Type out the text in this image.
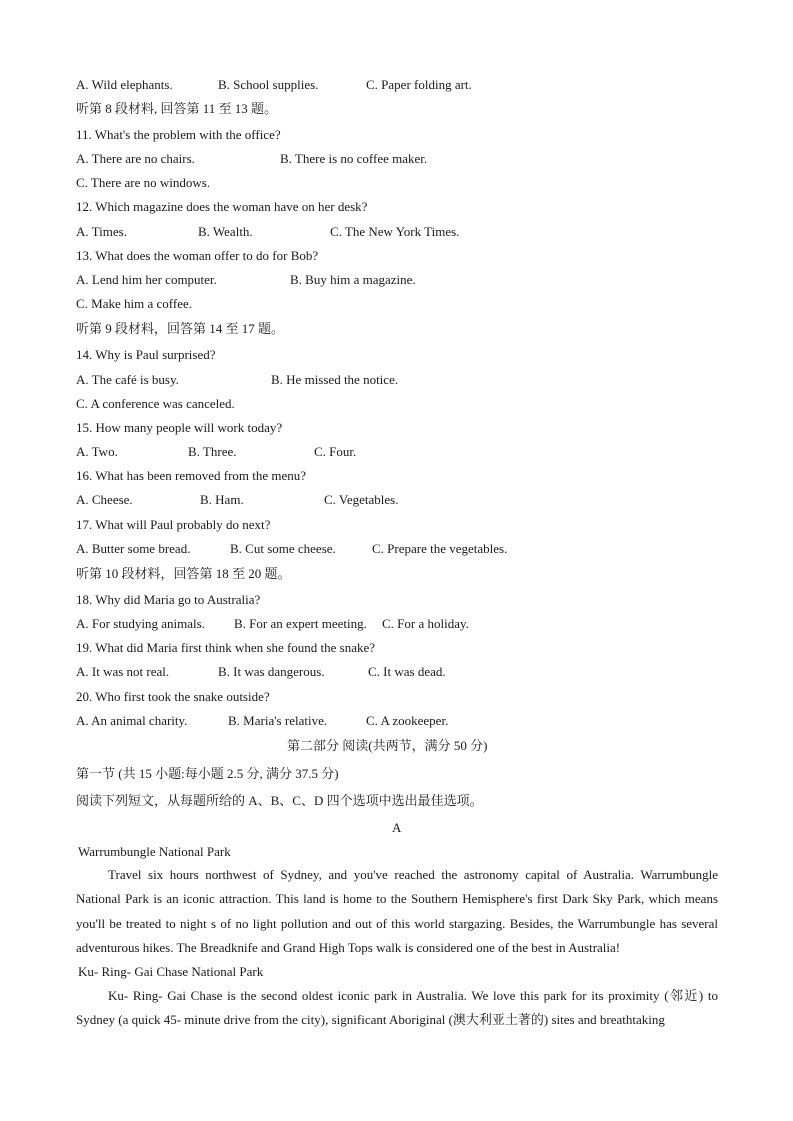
A. Wild elephants.	B. School supplies.	C. Paper folding art.
听第 8 段材料, 回答第 11 至 13 题。
11. What's the problem with the office?
A. There are no chairs.	B. There is no coffee maker.
C. There are no windows.
12. Which magazine does the woman have on her desk?
A. Times.	B. Wealth.	C. The New York Times.
13. What does the woman offer to do for Bob?
A. Lend him her computer.	B. Buy him a magazine.
C. Make him a coffee.
听第 9 段材料，回答第 14 至 17 题。
14. Why is Paul surprised?
A. The café is busy.	B. He missed the notice.
C. A conference was canceled.
15. How many people will work today?
A. Two.	B. Three.	C. Four.
16. What has been removed from the menu?
A. Cheese.	B. Ham.	C. Vegetables.
17. What will Paul probably do next?
A. Butter some bread.	B. Cut some cheese.	C. Prepare the vegetables.
听第 10 段材料，回答第 18 至 20 题。
18. Why did Maria go to Australia?
A. For studying animals. B. For an expert meeting. C. For a holiday.
19. What did Maria first think when she found the snake?
A. It was not real.	B. It was dangerous.	C. It was dead.
20. Who first took the snake outside?
A. An animal charity.	B. Maria's relative.	C. A zookeeper.
第二部分 阅读(共两节，满分 50 分)
第一节 (共 15 小题:每小题 2.5 分, 满分 37.5 分)
阅读下列短文，从每题所给的 A、B、C、D 四个选项中选出最佳选项。
A
Warrumbungle National Park

Travel six hours northwest of Sydney, and you've reached the astronomy capital of Australia. Warrumbungle National Park is an iconic attraction. This land is home to the Southern Hemisphere's first Dark Sky Park, which means you'll be treated to night s of no light pollution and out of this world stargazing. Besides, the Warrumbungle has several adventurous hikes. The Breadknife and Grand High Tops walk is considered one of the best in Australia!

Ku- Ring- Gai Chase National Park

Ku- Ring- Gai Chase is the second oldest iconic park in Australia. We love this park for its proximity (邻近) to Sydney (a quick 45- minute drive from the city), significant Aboriginal (澳大利亚土著的) sites and breathtaking
